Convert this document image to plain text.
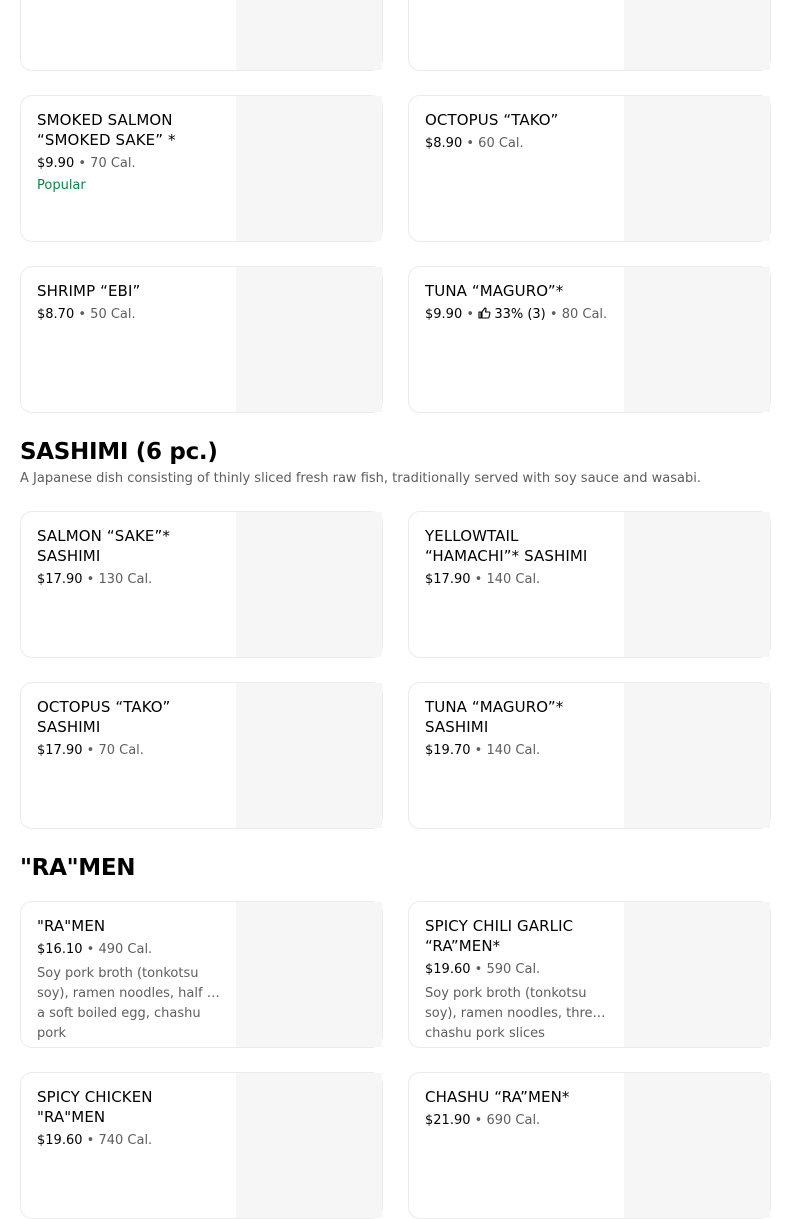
SMOKED SALMON “SMOKED SAKE” *
$9.90 • 70 Cal.
Popular
OCTOPUS “TAKO”
$8.90 • 60 Cal.
SHRIMP “EBI”
$8.70 • 50 Cal.
TUNA “MAGURO”*
$9.90 • 33% (3) • 80 Cal.
SASHIMI (6 pc.)
A Japanese dish consisting of thinly sliced fresh raw fish, traditionally served with soy sauce and wasabi.
SALMON “SAKE”* SASHIMI
$17.90 • 130 Cal.
YELLOWTAIL “HAMACHI”* SASHIMI
$17.90 • 140 Cal.
OCTOPUS “TAKO” SASHIMI
$17.90 • 70 Cal.
TUNA “MAGURO”* SASHIMI
$19.70 • 140 Cal.
"RA"MEN
"RA"MEN
$16.10 • 490 Cal.
Soy pork broth (tonkotsu soy), ramen noodles, half of a soft boiled egg, chashu pork
SPICY CHILI GARLIC “RA”MEN*
$19.60 • 590 Cal.
Soy pork broth (tonkotsu soy), ramen noodles, three chashu pork slices
SPICY CHICKEN "RA"MEN
$19.60 • 740 Cal.
CHASHU “RA”MEN*
$21.90 • 690 Cal.
